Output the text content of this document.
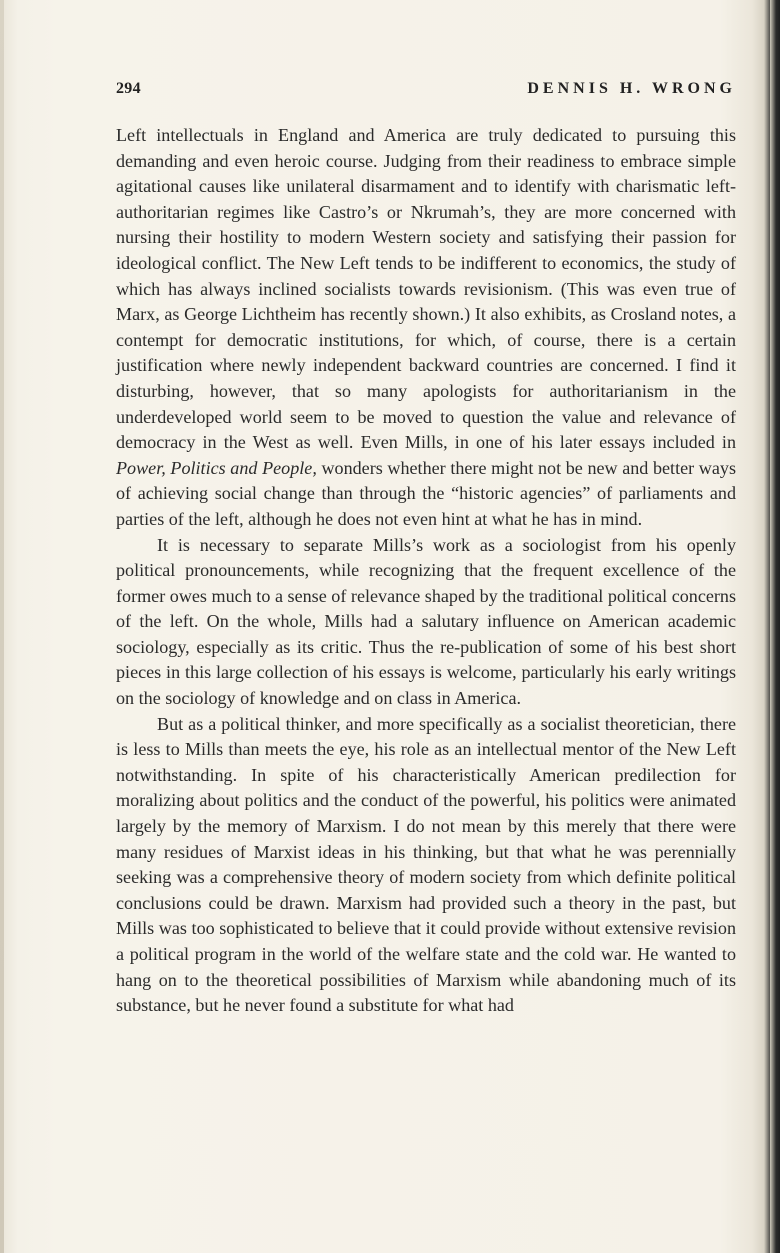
294	DENNIS H. WRONG

Left intellectuals in England and America are truly dedicated to pursuing this demanding and even heroic course. Judging from their readiness to embrace simple agitational causes like unilateral disarmament and to identify with charismatic left-authoritarian regimes like Castro’s or Nkrumah’s, they are more concerned with nursing their hostility to modern Western society and satisfying their passion for ideological conflict. The New Left tends to be indifferent to economics, the study of which has always inclined socialists towards revisionism. (This was even true of Marx, as George Lichtheim has recently shown.) It also exhibits, as Crosland notes, a contempt for democratic institutions, for which, of course, there is a certain justification where newly independent backward countries are concerned. I find it disturbing, however, that so many apologists for authoritarianism in the underdeveloped world seem to be moved to question the value and relevance of democracy in the West as well. Even Mills, in one of his later essays included in Power, Politics and People, wonders whether there might not be new and better ways of achieving social change than through the “historic agencies” of parliaments and parties of the left, although he does not even hint at what he has in mind.

It is necessary to separate Mills’s work as a sociologist from his openly political pronouncements, while recognizing that the frequent excellence of the former owes much to a sense of relevance shaped by the traditional political concerns of the left. On the whole, Mills had a salutary influence on American academic sociology, especially as its critic. Thus the re-publication of some of his best short pieces in this large collection of his essays is welcome, particularly his early writings on the sociology of knowledge and on class in America.

But as a political thinker, and more specifically as a socialist theoretician, there is less to Mills than meets the eye, his role as an intellectual mentor of the New Left notwithstanding. In spite of his characteristically American predilection for moralizing about politics and the conduct of the powerful, his politics were animated largely by the memory of Marxism. I do not mean by this merely that there were many residues of Marxist ideas in his thinking, but that what he was perennially seeking was a comprehensive theory of modern society from which definite political conclusions could be drawn. Marxism had provided such a theory in the past, but Mills was too sophisticated to believe that it could provide without extensive revision a political program in the world of the welfare state and the cold war. He wanted to hang on to the theoretical possibilities of Marxism while abandoning much of its substance, but he never found a substitute for what had
